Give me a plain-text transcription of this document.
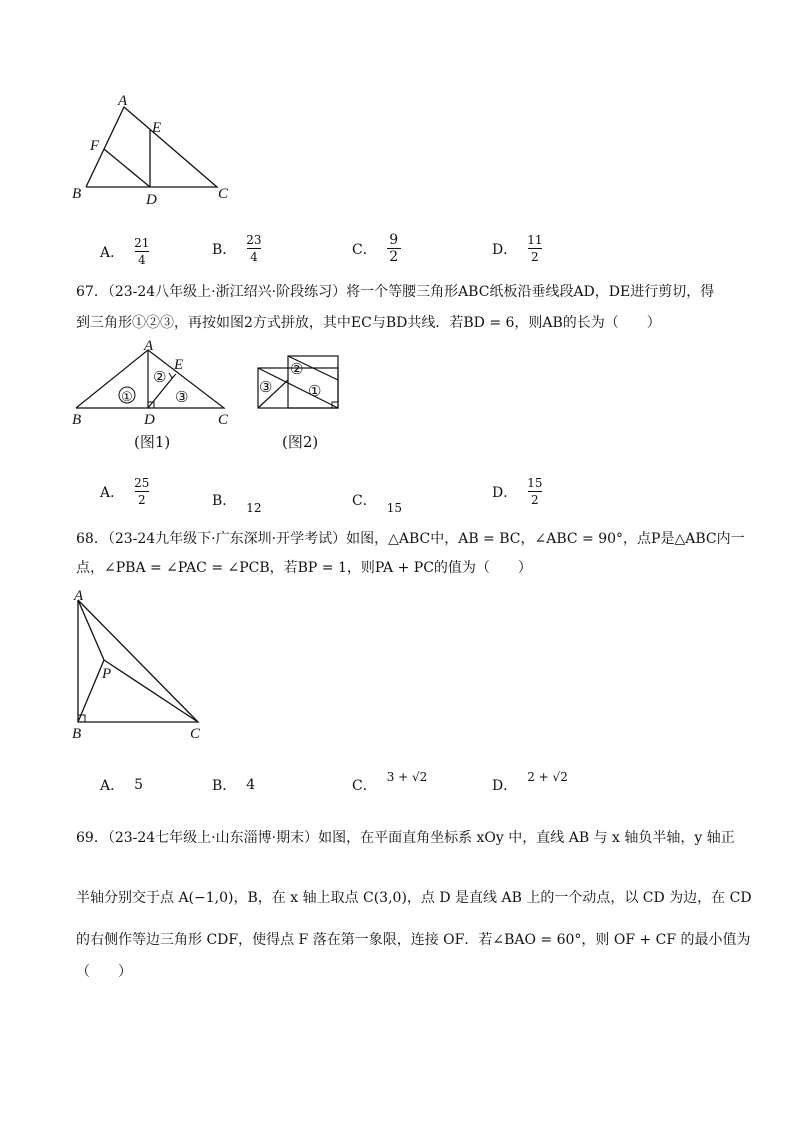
A
E
F
B	D	C
A． $\frac{21}{4}$	B． $\frac{23}{4}$	C． $\frac{9}{2}$	D． $\frac{11}{2}$
67．（23-24八年级上·浙江绍兴·阶段练习）将一个等腰三角形ABC纸板沿垂线段AD，DE进行剪切，得
到三角形①②③，再按如图2方式拼放，其中EC与BD共线．若BD = 6，则AB的长为（　　）
①
②
③
A
E
B	D	C
(图1)
③
②
①
(图2)
A． $\frac{25}{2}$	B． 12	C． 15
D． $\frac{15}{2}$
68．（23-24九年级下·广东深圳·开学考试）如图，△ABC中，AB = BC，∠ABC = 90°，点P是△ABC内一
点，∠PBA = ∠PAC = ∠PCB，若BP = 1，则PA + PC的值为（　　）
A
P
B	C
A． 5	B． 4	C．
3 + √2
D．
2 + √2
69．（23-24七年级上·山东淄博·期末）如图，在平面直角坐标系 xOy 中，直线 AB 与 x 轴负半轴，y 轴正
半轴分别交于点 A(−1,0)，B，在 x 轴上取点 C(3,0)，点 D 是直线 AB 上的一个动点，以 CD 为边，在 CD
的右侧作等边三角形 CDF，使得点 F 落在第一象限，连接 OF．若∠BAO = 60°，则 OF + CF 的最小值为
（　　）
